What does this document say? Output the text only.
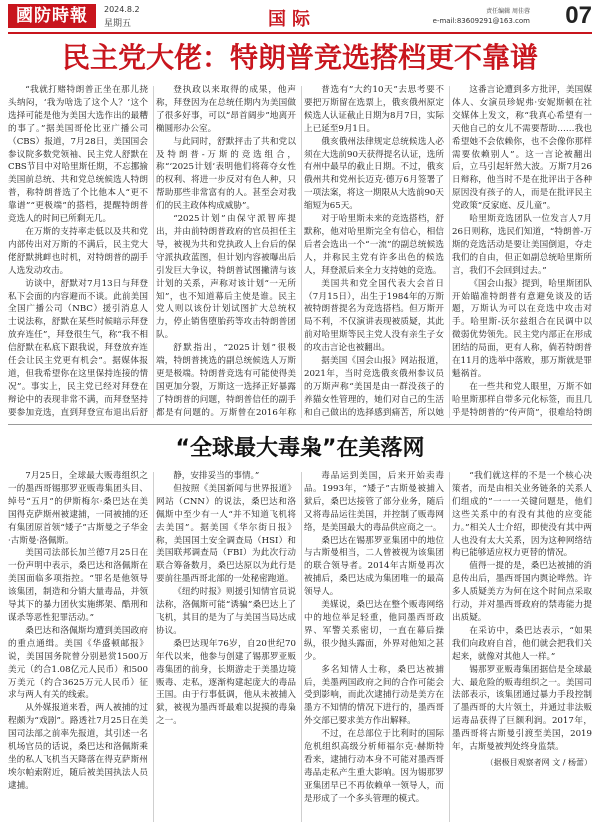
國防時報	2024.8.2
星期五	国际	责任编辑 周佳蓉
e-mail:83609291@163.com 07
民主党大佬：特朗普竞选搭档更不靠谱

“我就打赌特朗普正坐在那儿挠头纳闷，‘我为啥选了这个人？’这个选择可能是他为美国大选作出的最糟的事了。”据美国哥伦比亚广播公司（CBS）报道，7月28日，美国国会参议院多数党领袖、民主党人舒默在CBS节目中对哈里斯任期，不忘挪揄美国前总统、共和党总统候选人特朗普，称特朗普选了个比他本人“更不靠谱”“更极端”的搭档，提醒特朗普竞选人的时间已所剩无几。

在万斯的支持率走低以及共和党内部传出对万斯的不满后，民主党大佬舒默挑衅也时机，对特朗普的副手人选发动攻击。

访谈中，舒默对7月13日与拜登私下会面的内容避而不谈。此前美国全国广播公司（NBC）援引消息人士说法称，舒默在某些时候暗示拜登放弃连任”，拜登很生气，称“我不相信舒默在私底下跟我说，拜登放弃连任会让民主党更有机会”。据媒体报道，但我希望你在这里保持连接的情况”。事实上，民主党已经对拜登在辩论中的表现非常不满，而拜登坚持要参加竞选，直到拜登宣布退出后舒

登执政以来取得的成果，他声称，拜登因为在总统任期内为美国做了很多好事，可以“昂首阔步”地离开椭圆形办公室。

与此同时，舒默抨击了共和党以及特朗普-万斯的竞选组合，称“‘2025计划’表明他们将蒋夺女性的权利、将进一步反对有色人种，只帮助那些非常富有的人。甚至会对我们的民主政体构成威胁”。

“2025计划”由保守派智库提出，并由前特朗普政府的官员担任主导，被视为共和党执政人上台后的保守派执政蓝图，但计划内容被曝出后引发巨大争议，特朗普试图撇清与该计划的关系，声称对该计划“一无所知”，也不知道幕后主使是谁。民主党人则以该份计划试图扩大总统权力，停止销售堕胎药等攻击特朗普团队。

舒默指出，“2025计划”很极端，特朗普挑选的副总统候选人万斯更是极端。特朗普竞选有可能使得美国更加分裂，万斯这一选择正好暴露了特朗普的问题，特朗普信任的副手都是有问题的。万斯曾在2016年称

普选有”大约10天”去思考要不要把万斯留在选票上，俄亥俄州原定候选人认证截止日期为8月7日，实际上已延至9月1日。

俄亥俄州法律规定总统候选人必须在大选前90天获得提名认证，选所有州中最早的截止日期。不过，俄亥俄州共和党州长迈克·德万6月签署了一项法案，将这一期限从大选前90天缩短为65天。

对于哈里斯未来的竞选搭档，舒默称，他对哈里斯完全有信心，相信后者会选出一个“一流”的副总统候选人，并称民主党有许多出色的候选人，拜登派后来全力支持她的竞选。

美国共和党全国代表大会首日（7月15日），出生于1984年的万斯被特朗普提名为竞选搭档。但万斯开局不利，不仅演讲表现被质疑，其此前对哈里斯等民主党人没有亲生子女的攻击言论也被翻出。

据美国《国会山报》网站报道，2021年，当时竞选俄亥俄州参议员的万斯声称“美国是由一群没孩子的养猫女性管理的，她们对自己的生活和自己做出的选择感到痛苦，所以她

这番言论遭到多方批评，美国媒体人、女演员珍妮弗·安妮斯顿在社交媒体上发文，称“我真心希望有一天他自己的女儿不需要帮助……我也希望她不会依赖你，也不会像你那样需要依赖别人”。这一言论被翻出后，立马引起轩然大波。万斯7月26日辩称，他当时不是在批评出于各种原因没有孩子的人，而是在批评民主党政策“反家庭、反儿童”。

哈里斯竞选团队一位发言人7月26日则称，选民们知道，“特朗普-万斯的竞选活动是要让美国倒退，夺走我们的自由，但正如副总统哈里斯所言，我们不会回到过去。”

《国会山报》提到，哈里斯团队开始瞄准特朗普有意避免谈及的话题，万斯认为可以在竞选中攻击对手。哈里斯-沃尔兹组合在民调中以微弱优势领先。民主党内部正在形成团结的局面，更有人称，倘若特朗普在11月的选举中落败，那万斯就是罪魁祸首。

在一些共和党人眼里，万斯不如哈里斯那样自带多元化标签，而且几乎是特朗普的“传声筒”，很难给特朗

“全球最大毒枭”在美落网

7月25日，全球最大贩毒组织之一的墨西哥锡那罗亚贩毒集团头目、绰号“五月”的伊斯梅尔·桑巴达在美国得克萨斯州被逮捕，一同被捕的还有集团原首领“矮子”古斯曼之子华金·古斯曼·洛佩斯。

美国司法部长加兰德7月25日在一份声明中表示，桑巴达和洛佩斯在美国面临多项指控。“罪名是他领导该集团，制造和分销大量毒品，并领导其下的暴力团伙实施绑架、酷刑和谋杀等恶性犯罪活动。”

桑巴达和洛佩斯均遭到美国政府的重点通缉。美国《华盛顿邮报》说，美国国务院曾分别悬赏1500万美元（约合1.08亿元人民币）和500万美元（约合3625万元人民币）征求与两人有关的线索。

从外媒报道来看，两人被捕的过程颇为“戏剧”。路透社7月25日在美国司法部之前率先报道，其引述一名机场官员的话说，桑巴达和洛佩斯乘坐的私人飞机当天降落在得克萨斯州埃尔帕索附近，随后被美国执法人员逮捕。

静，安排妥当的事情。”

但按照《美国新闻与世界报道》网站（CNN）的说法，桑巴达和洛佩斯中至少有一人“并不知道飞机将去美国”。据美国《华尔街日报》称，美国国土安全调查局（HSI）和美国联邦调查局（FBI）为此次行动联合筹备数月，桑巴达原以为此行是要前往墨西哥北部的一处秘密跑道。

《纽约时报》则援引知情官员说法称，洛佩斯可能“诱骗”桑巴达上了飞机，其目的是为了与美国当局达成协议。

桑巴达现年76岁，自20世纪70年代以来，他参与创建了锡那罗亚贩毒集团的前身，长期游走于美墨边境贩毒、走私，逐渐构建起庞大的毒品王国。由于行事低调，他从未被捕入狱，被视为墨西哥最难以捉摸的毒枭之一。

毒品运到美国，后来开始卖毒品。1993年，“矮子”古斯曼被捕入狱后，桑巴达接管了部分业务，随后又将毒品运往美国，并控制了贩毒网络，是美国最大的毒品供应商之一。

桑巴达在锡那罗亚集团中的地位与古斯曼相当，二人曾被视为该集团的联合领导者。2014年古斯曼再次被捕后，桑巴达成为集团唯一的最高领导人。

美媒说，桑巴达在整个贩毒网络中的地位举足轻重，他同墨西哥政界、军警关系密切，一直在幕后操纵，很少抛头露面，外界对他知之甚少。

多名知情人士称，桑巴达被捕后，美墨两国政府之间的合作可能会受到影响，而此次逮捕行动是美方在墨方不知情的情况下进行的，墨西哥外交部已要求美方作出解释。

不过，在总部位于比利时的国际危机组织高级分析师福尔克·赫斯特看来，逮捕行动本身不可能对墨西哥毒品走私产生重大影响。因为锡那罗亚集团早已不再依赖单一领导人，而是形成了一个多头管理的模式。

“我们就这样的不是一个核心决策者，而是由相关业务链条的关系人们组成的”一一一关键问题是，他们这些关系中的有没有其他的应变能力。”相关人士介绍，即使没有其中两人也没有太大关系，因为这种网络结构已能够适应权力更替的情况。

值得一提的是，桑巴达被捕的消息传出后，墨西哥国内舆论哗然。许多人质疑美方为何在这个时间点采取行动，并对墨西哥政府的禁毒能力提出质疑。

在采访中，桑巴达表示，“如果我们向政府自首，他们就会把我们关起来，就像对其他人一样。”

锡那罗亚贩毒集团据信是全球最大、最危险的贩毒组织之一。美国司法部表示，该集团通过暴力手段控制了墨西哥的大片领土，并通过非法贩运毒品获得了巨额利润。2017年，墨西哥将古斯曼引渡至美国，2019年，古斯曼被判处终身监禁。

（据极目观察者网 文 / 杨蕾）
